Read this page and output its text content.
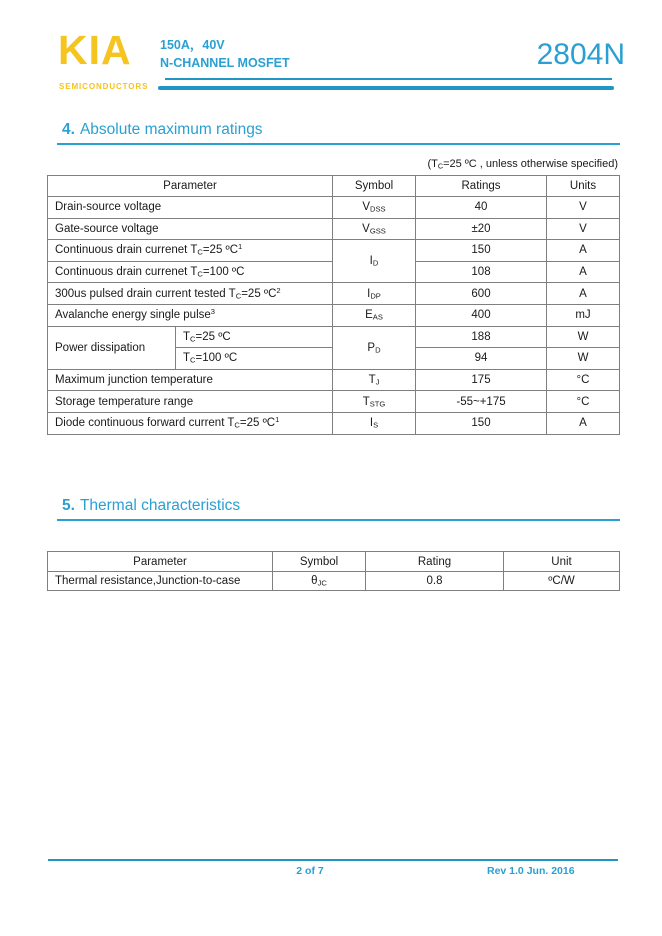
KIA
SEMICONDUCTORS
150A，40V
N-CHANNEL MOSFET	2804N
4. Absolute maximum ratings
($T_C=25$ ºC , unless otherwise specified)
Parameter		Symbol	Ratings	Units
Drain-source voltage		$V_{DSS}$	40	V
Gate-source voltage		$V_{GSS}$	±20	V
Continuous drain currenet $T_C=25$ ºC$^1$		$I_D$	150	A
Continuous drain currenet $T_C=100$ ºC			108	A
300us pulsed drain current tested $T_C=25$ ºC$^2$		$I_{DP}$	600	A
Avalanche energy single pulse$^3$		$E_{AS}$	400	mJ
Power dissipation	$T_C=25$ ºC	$P_D$	188	W
	$T_C=100$ ºC		94	W
Maximum junction temperature		$T_J$	175	°C
Storage temperature range		$T_{STG}$	-55~+175	°C
Diode continuous forward current $T_C=25$ ºC$^1$		$I_S$	150	A
5. Thermal characteristics
Parameter	Symbol	Rating	Unit
Thermal resistance,Junction-to-case	$\theta_{JC}$	0.8	ºC/W
2 of 7	Rev 1.0 Jun. 2016
